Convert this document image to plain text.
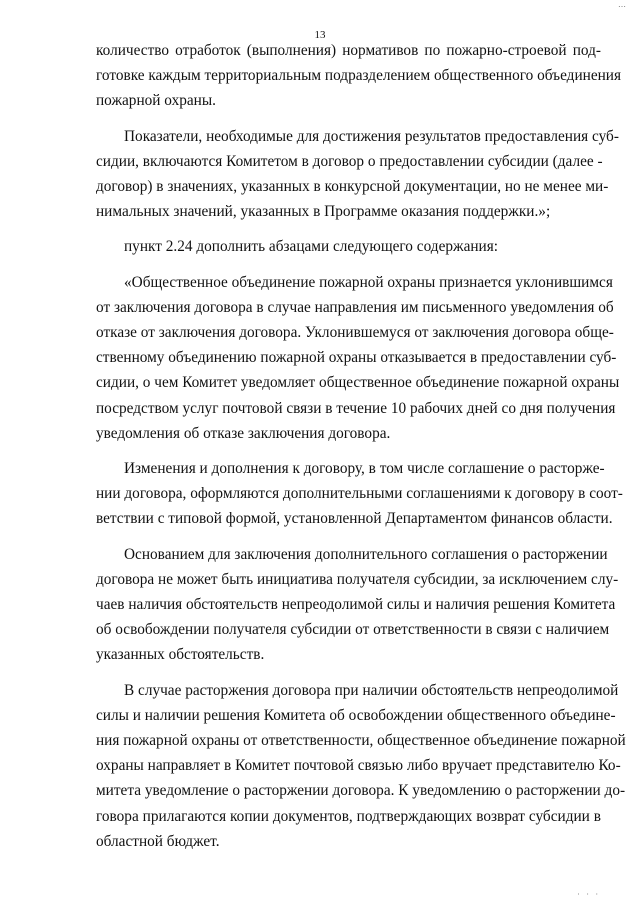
…
13
количество отработок (выполнения) нормативов по пожарно-строевой под-
готовке каждым территориальным подразделением общественного объединения
пожарной охраны.
Показатели, необходимые для достижения результатов предоставления суб-
сидии, включаются Комитетом в договор о предоставлении субсидии (далее -
договор) в значениях, указанных в конкурсной документации, но не менее ми-
нимальных значений, указанных в Программе оказания поддержки.»;
пункт 2.24 дополнить абзацами следующего содержания:
«Общественное объединение пожарной охраны признается уклонившимся
от заключения договора в случае направления им письменного уведомления об
отказе от заключения договора. Уклонившемуся от заключения договора обще-
ственному объединению пожарной охраны отказывается в предоставлении суб-
сидии, о чем Комитет уведомляет общественное объединение пожарной охраны
посредством услуг почтовой связи в течение 10 рабочих дней со дня получения
уведомления об отказе заключения договора.
Изменения и дополнения к договору, в том числе соглашение о расторже-
нии договора, оформляются дополнительными соглашениями к договору в соот-
ветствии с типовой формой, установленной Департаментом финансов области.
Основанием для заключения дополнительного соглашения о расторжении
договора не может быть инициатива получателя субсидии, за исключением слу-
чаев наличия обстоятельств непреодолимой силы и наличия решения Комитета
об освобождении получателя субсидии от ответственности в связи с наличием
указанных обстоятельств.
В случае расторжения договора при наличии обстоятельств непреодолимой
силы и наличии решения Комитета об освобождении общественного объедине-
ния пожарной охраны от ответственности, общественное объединение пожарной
охраны направляет в Комитет почтовой связью либо вручает представителю Ко-
митета уведомление о расторжении договора. К уведомлению о расторжении до-
говора прилагаются копии документов, подтверждающих возврат субсидии в
областной бюджет.
· · ·
